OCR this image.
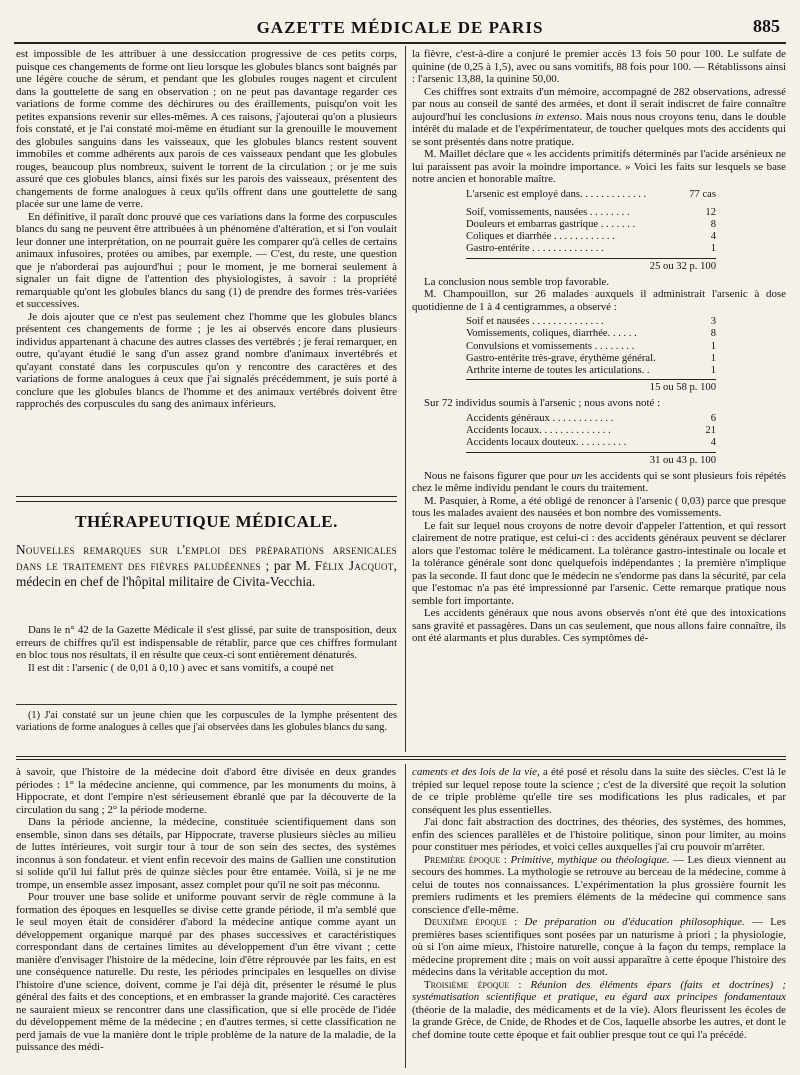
GAZETTE MÉDICALE DE PARIS	885

est impossible de les attribuer à une dessiccation progressive de ces petits corps, puisque ces changements de forme ont lieu lorsque les globules blancs sont baignés par une légère couche de sérum, et pendant que les globules rouges nagent et circulent dans la gouttelette de sang en observation ; on ne peut pas davantage regarder ces variations de forme comme des déchirures ou des éraillements, puisqu'on voit les petites expansions revenir sur elles-mêmes. A ces raisons, j'ajouterai qu'on a plusieurs fois constaté, et je l'ai constaté moi-même en étudiant sur la grenouille le mouvement des globules sanguins dans les vaisseaux, que les globules blancs restent souvent immobiles et comme adhérents aux parois de ces vaisseaux pendant que les globules rouges, beaucoup plus nombreux, suivent le torrent de la circulation ; or je me suis assuré que ces globules blancs, ainsi fixés sur les parois des vaisseaux, présentent des changements de forme analogues à ceux qu'ils offrent dans une gouttelette de sang placée sur une lame de verre.

En définitive, il paraît donc prouvé que ces variations dans la forme des corpuscules blancs du sang ne peuvent être attribuées à un phénomène d'altération, et si l'on voulait leur donner une interprétation, on ne pourrait guère les comparer qu'à celles de certains animaux infusoires, protées ou amibes, par exemple. — C'est, du reste, une question que je n'aborderai pas aujourd'hui ; pour le moment, je me bornerai seulement à signaler un fait digne de l'attention des physiologistes, à savoir : la propriété remarquable qu'ont les globules blancs du sang (1) de prendre des formes très-variées et successives.

Je dois ajouter que ce n'est pas seulement chez l'homme que les globules blancs présentent ces changements de forme ; je les ai observés encore dans plusieurs individus appartenant à chacune des autres classes des vertébrés ; je ferai remarquer, en outre, qu'ayant étudié le sang d'un assez grand nombre d'animaux invertébrés et qu'ayant constaté dans les corpuscules qu'on y rencontre des caractères et des variations de forme analogues à ceux que j'ai signalés précédemment, je suis porté à conclure que les globules blancs de l'homme et des animaux vertébrés doivent être rapprochés des corpuscules du sang des animaux inférieurs.

THÉRAPEUTIQUE MÉDICALE.
Nouvelles remarques sur l'emploi des préparations arsenicales dans le traitement des fièvres paludéennes ; par M. Félix Jacquot, médecin en chef de l'hôpital militaire de Civita-Vecchia.

Dans le n° 42 de la Gazette Médicale il s'est glissé, par suite de transposition, deux erreurs de chiffres qu'il est indispensable de rétablir, parce que ces chiffres formulant en bloc tous nos résultats, il en résulte que ceux-ci sont entièrement dénaturés.

Il est dit : l'arsenic ( de 0,01 à 0,10 ) avec et sans vomitifs, a coupé net

(1) J'ai constaté sur un jeune chien que les corpuscules de la lymphe présentent des variations de forme analogues à celles que j'ai observées dans les globules blancs du sang.

la fièvre, c'est-à-dire a conjuré le premier accès 13 fois 50 pour 100. Le sulfate de quinine (de 0,25 à 1,5), avec ou sans vomitifs, 88 fois pour 100. — Rétablissons ainsi : l'arsenic 13,88, la quinine 50,00.

Ces chiffres sont extraits d'un mémoire, accompagné de 282 observations, adressé par nous au conseil de santé des armées, et dont il serait indiscret de faire connaître aujourd'hui les conclusions in extenso. Mais nous nous croyons tenu, dans le double intérêt du malade et de l'expérimentateur, de toucher quelques mots des accidents qui se sont présentés dans notre pratique.

M. Maillet déclare que « les accidents primitifs déterminés par l'acide arsénieux ne lui paraissent pas avoir la moindre importance. » Voici les faits sur lesquels se base notre ancien et honorable maître.

L'arsenic est employé dans. . . . . . . . . . . . .	77 cas
Soif, vomissements, nausées . . . . . . . .	12
Douleurs et embarras gastrique . . . . . . .	8
Coliques et diarrhée . . . . . . . . . . . .	4
Gastro-entérite . . . . . . . . . . . . . .	1
25 ou 32 p. 100

La conclusion nous semble trop favorable.

M. Champouillon, sur 26 malades auxquels il administrait l'arsenic à dose quotidienne de 1 à 4 centigrammes, a observé :

Soif et nausées . . . . . . . . . . . . . .	3
Vomissements, coliques, diarrhée. . . . . .	8
Convulsions et vomissements . . . . . . . .	1
Gastro-entérite très-grave, érythème général.	1
Arthrite interne de toutes les articulations. .	1
15 ou 58 p. 100

Sur 72 individus soumis à l'arsenic ; nous avons noté :

Accidents généraux . . . . . . . . . . . .	6
Accidents locaux. . . . . . . . . . . . . .	21
Accidents locaux douteux. . . . . . . . . .	4
31 ou 43 p. 100

Nous ne faisons figurer que pour un les accidents qui se sont plusieurs fois répétés chez le même individu pendant le cours du traitement.

M. Pasquier, à Rome, a été obligé de renoncer à l'arsenic ( 0,03) parce que presque tous les malades avaient des nausées et bon nombre des vomissements.

Le fait sur lequel nous croyons de notre devoir d'appeler l'attention, et qui ressort clairement de notre pratique, est celui-ci : des accidents généraux peuvent se déclarer alors que l'estomac tolère le médicament. La tolérance gastro-intestinale ou locale et la tolérance générale sont donc quelquefois indépendantes ; la première n'implique pas la seconde. Il faut donc que le médecin ne s'endorme pas dans la sécurité, par cela que l'estomac n'a pas été impressionné par l'arsenic. Cette remarque pratique nous semble fort importante.

Les accidents généraux que nous avons observés n'ont été que des intoxications sans gravité et passagères. Dans un cas seulement, que nous allons faire connaître, ils ont été alarmants et plus durables. Ces symptômes dé-

à savoir, que l'histoire de la médecine doit d'abord être divisée en deux grandes périodes : 1° la médecine ancienne, qui commence, par les monuments du moins, à Hippocrate, et dont l'empire n'est sérieusement ébranlé que par la découverte de la circulation du sang ; 2° la période moderne.

Dans la période ancienne, la médecine, constituée scientifiquement dans son ensemble, sinon dans ses détails, par Hippocrate, traverse plusieurs siècles au milieu de luttes intérieures, voit surgir tour à tour de son sein des sectes, des systèmes inconnus à son fondateur. et vient enfin recevoir des mains de Gallien une constitution si solide qu'il lui fallut près de quinze siècles pour être entamée. Voilà, si je ne me trompe, un ensemble assez imposant, assez complet pour qu'il ne soit pas méconnu.

Pour trouver une base solide et uniforme pouvant servir de règle commune à la formation des époques en lesquelles se divise cette grande période, il m'a semblé que le seul moyen était de considérer d'abord la médecine antique comme ayant un développement organique marqué par des phases successives et caractéristiques correspondant dans de certaines limites au développement d'un être vivant ; cette manière d'envisager l'histoire de la médecine, loin d'être réprouvée par les faits, en est une conséquence naturelle. Du reste, les périodes principales en lesquelles on divise l'histoire d'une science, doivent, comme je l'ai déjà dit, présenter le résumé le plus général des faits et des conceptions, et en embrasser la grande majorité. Ces caractères ne sauraient mieux se rencontrer dans une classification, que si elle procède de l'idée du développement même de la médecine ; en d'autres termes, si cette classification ne perd jamais de vue la manière dont le triple problème de la nature de la maladie, de la puissance des médi-

caments et des lois de la vie, a été posé et résolu dans la suite des siècles. C'est là le trépied sur lequel repose toute la science ; c'est de la diversité que reçoit la solution de ce triple problème qu'elle tire ses modifications les plus radicales, et par conséquent les plus essentielles.

J'ai donc fait abstraction des doctrines, des théories, des systèmes, des hommes, enfin des sciences parallèles et de l'histoire politique, sinon pour limiter, au moins pour constituer mes périodes, et voici celles auxquelles j'ai cru pouvoir m'arrêter.

Première époque : Primitive, mythique ou théologique. — Les dieux viennent au secours des hommes. La mythologie se retrouve au berceau de la médecine, comme à celui de toutes nos connaissances. L'expérimentation la plus grossière fournit les premiers rudiments et les premiers éléments de la médecine qui commence sans conscience d'elle-même.

Deuxième époque : De préparation ou d'éducation philosophique. — Les premières bases scientifiques sont posées par un naturisme à priori ; la physiologie, où si l'on aime mieux, l'histoire naturelle, conçue à la façon du temps, remplace la médecine proprement dite ; mais on voit aussi apparaître à cette époque l'histoire des médecins dans la véritable acception du mot.

Troisième époque : Réunion des éléments épars (faits et doctrines) ; systématisation scientifique et pratique, eu égard aux principes fondamentaux (théorie de la maladie, des médicaments et de la vie). Alors fleurissent les écoles de la grande Grèce, de Cnide, de Rhodes et de Cos, laquelle absorbe les autres, et dont le chef domine toute cette époque et fait oublier presque tout ce qui l'a précédé.
